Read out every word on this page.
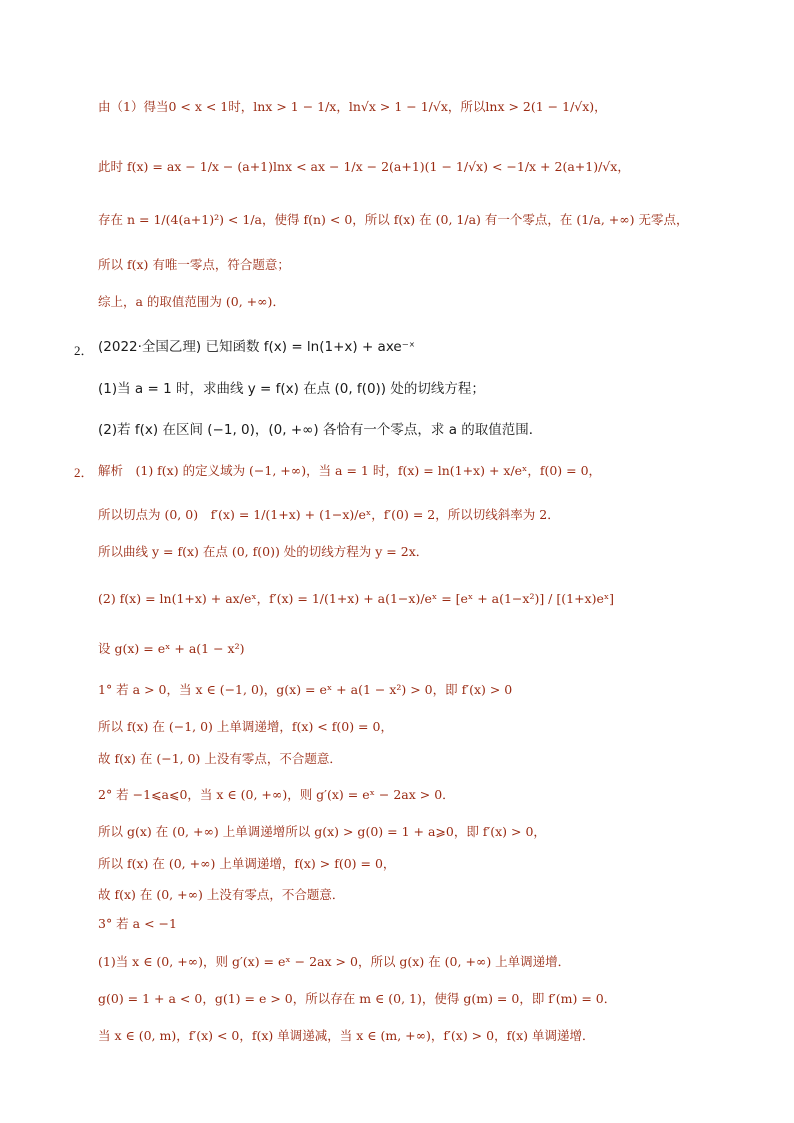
由（1）得当0 < x < 1时，lnx > 1 − 1/x，ln√x > 1 − 1/√x，所以lnx > 2(1 − 1/√x)，
此时 f(x) = ax − 1/x − (a+1)lnx < ax − 1/x − 2(a+1)(1 − 1/√x) < −1/x + 2(a+1)/√x，
存在 n = 1/(4(a+1)²) < 1/a，使得 f(n) < 0，所以 f(x) 在 (0, 1/a) 有一个零点，在 (1/a, +∞) 无零点，
所以 f(x) 有唯一零点，符合题意；
综上，a 的取值范围为 (0, +∞)．
2． (2022·全国乙理) 已知函数 f(x) = ln(1+x) + axe⁻ˣ
(1)当 a = 1 时，求曲线 y = f(x) 在点 (0, f(0)) 处的切线方程；
(2)若 f(x) 在区间 (−1, 0)，(0, +∞) 各恰有一个零点，求 a 的取值范围．
2． 解析　(1) f(x) 的定义域为 (−1, +∞)，当 a = 1 时，f(x) = ln(1+x) + x/eˣ，f(0) = 0，
所以切点为 (0, 0)　f′(x) = 1/(1+x) + (1−x)/eˣ，f′(0) = 2，所以切线斜率为 2．
所以曲线 y = f(x) 在点 (0, f(0)) 处的切线方程为 y = 2x．
(2) f(x) = ln(1+x) + ax/eˣ，f′(x) = 1/(1+x) + a(1−x)/eˣ = [eˣ + a(1−x²)] / [(1+x)eˣ]
设 g(x) = eˣ + a(1 − x²)
1° 若 a > 0，当 x ∈ (−1, 0)，g(x) = eˣ + a(1 − x²) > 0，即 f′(x) > 0
所以 f(x) 在 (−1, 0) 上单调递增，f(x) < f(0) = 0，
故 f(x) 在 (−1, 0) 上没有零点，不合题意．
2° 若 −1⩽a⩽0，当 x ∈ (0, +∞)，则 g′(x) = eˣ − 2ax > 0．
所以 g(x) 在 (0, +∞) 上单调递增所以 g(x) > g(0) = 1 + a⩾0，即 f′(x) > 0，
所以 f(x) 在 (0, +∞) 上单调递增，f(x) > f(0) = 0，
故 f(x) 在 (0, +∞) 上没有零点，不合题意．
3° 若 a < −1
(1)当 x ∈ (0, +∞)，则 g′(x) = eˣ − 2ax > 0，所以 g(x) 在 (0, +∞) 上单调递增．
g(0) = 1 + a < 0，g(1) = e > 0，所以存在 m ∈ (0, 1)，使得 g(m) = 0，即 f′(m) = 0．
当 x ∈ (0, m)，f′(x) < 0，f(x) 单调递减，当 x ∈ (m, +∞)，f′(x) > 0，f(x) 单调递增．
